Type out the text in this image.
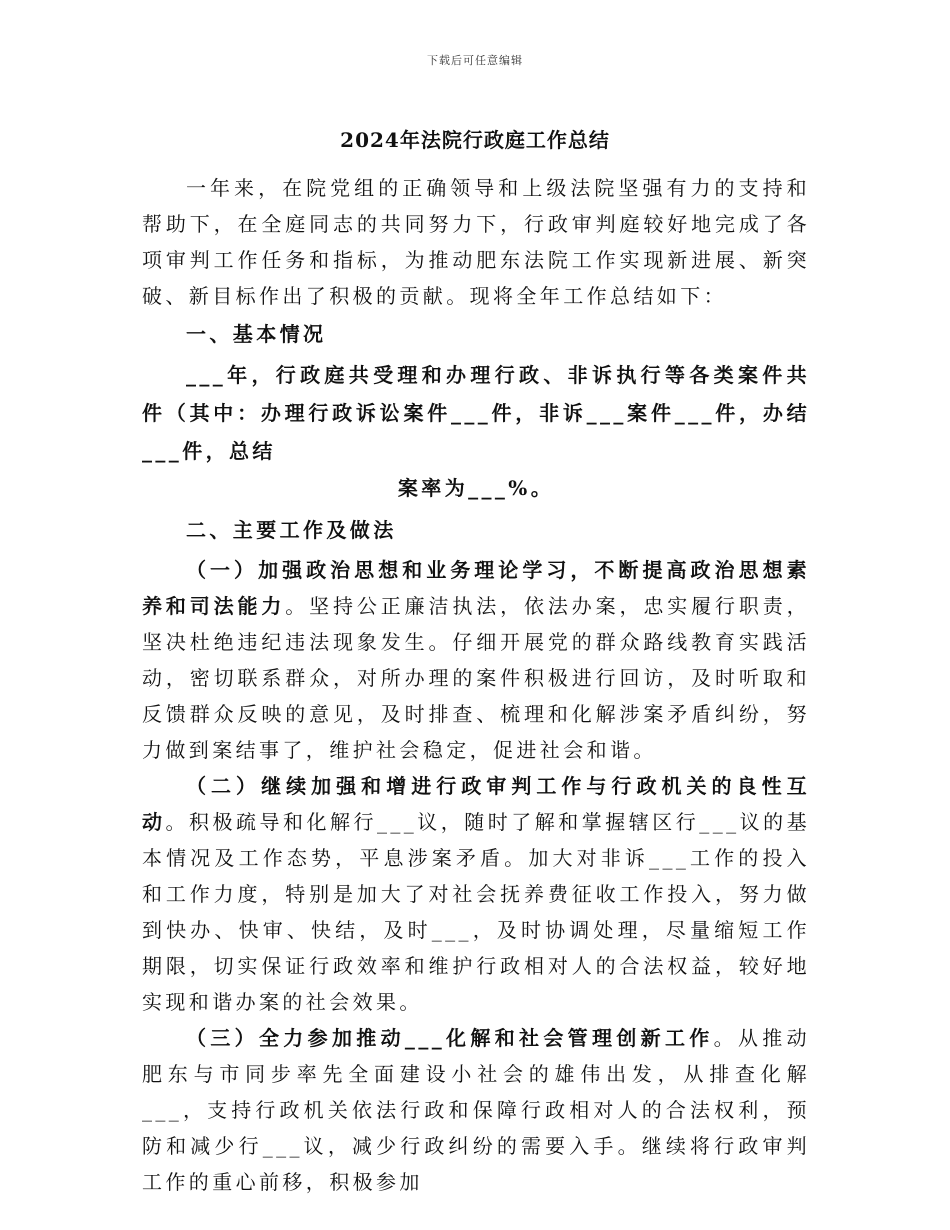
下载后可任意编辑
2024年法院行政庭工作总结

一年来，在院党组的正确领导和上级法院坚强有力的支持和帮助下，在全庭同志的共同努力下，行政审判庭较好地完成了各项审判工作任务和指标，为推动肥东法院工作实现新进展、新突破、新目标作出了积极的贡献。现将全年工作总结如下：

一、基本情况

___年，行政庭共受理和办理行政、非诉执行等各类案件共件（其中：办理行政诉讼案件___件，非诉___案件___件，办结___件，总结

案率为___%。

二、主要工作及做法

（一）加强政治思想和业务理论学习，不断提高政治思想素养和司法能力。坚持公正廉洁执法，依法办案，忠实履行职责，坚决杜绝违纪违法现象发生。仔细开展党的群众路线教育实践活动，密切联系群众，对所办理的案件积极进行回访，及时听取和反馈群众反映的意见，及时排查、梳理和化解涉案矛盾纠纷，努力做到案结事了，维护社会稳定，促进社会和谐。

（二）继续加强和增进行政审判工作与行政机关的良性互动。积极疏导和化解行___议，随时了解和掌握辖区行___议的基本情况及工作态势，平息涉案矛盾。加大对非诉___工作的投入和工作力度，特别是加大了对社会抚养费征收工作投入，努力做到快办、快审、快结，及时___，及时协调处理，尽量缩短工作期限，切实保证行政效率和维护行政相对人的合法权益，较好地实现和谐办案的社会效果。

（三）全力参加推动___化解和社会管理创新工作。从推动肥东与市同步率先全面建设小社会的雄伟出发，从排查化解___，支持行政机关依法行政和保障行政相对人的合法权利，预防和减少行___议，减少行政纠纷的需要入手。继续将行政审判工作的重心前移，积极参加
